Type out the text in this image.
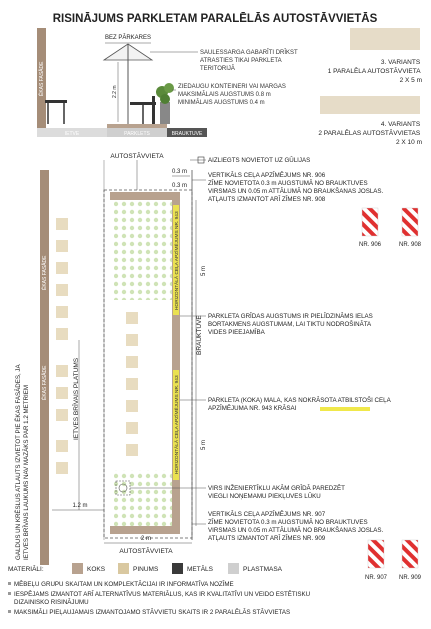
RISINĀJUMS PARKLETAM PARALĒLĀS AUTOSTĀVVIETĀS
ĒKAS FASĀDE
IETVE	PARKLETS	BRAUKTUVE
BEZ PĀRKARES
2.2 m
SAULESSARGA GABARĪTI DRĪKST ATRASTIES TIKAI PARKLETA TERITORIJĀ
ZIEDAUGU KONTEINERI VAI MARGAS MAKSIMĀLAIS AUGSTUMS 0.8 m MINIMĀLAIS AUGSTUMS 0.4 m
3. VARIANTS 1 PARALĒLA AUTOSTĀVVIETA 2 X 5 m
4. VARIANTS 2 PARALĒLAS AUTOSTĀVVIETAS 2 X 10 m
ĒKAS FASĀDE
ĒKAS FASĀDE
GALDUS UN KRĒSLUS ATLAUTS IZVIETOT PIE ĒKAS FASĀDES, JA IETVES BRĪVAIS LAUKUMS NAV MAZĀKS PAR 1.2 METRIEM	IETVES BRĪVAIS PLATUMS
1.2 m
AUTOSTĀVVIETA
HORIZONTĀLĀ CEĻA APZĪMĒJUMS NR. 943
HORIZONTĀLĀ CEĻA APZĪMĒJUMS NR. 943
BRAUKTUVE
5 m
5 m
0.3 m
0.3 m
2 m
AUTOSTĀVVIETA
AIZLIEGTS NOVIETOT UZ GŪLIJAS
VERTIKĀLS CEĻA APZĪMĒJUMS NR. 906 ZĪME NOVIETOTA 0.3 m AUGSTUMĀ NO BRAUKTUVES VIRSMAS UN 0.05 m ATTĀLUMĀ NO BRAUKŠANAS JOSLAS. ATĻAUTS IZMANTOT ARĪ ZĪMES NR. 908
PARKLETA GRĪDAS AUGSTUMS IR PIELĪDZINĀMS IELAS BORTAKMENS AUGSTUMAM, LAI TIKTU NODROŠINĀTA VIDES PIEEJAMĪBA
PARKLETA (KOKA) MALA, KAS NOKRĀSOTA ATBILSTOŠI CEĻA APZĪMĒJUMA NR. 943 KRĀSAI
VIRS INŽENIERTĪKLU AKĀM GRĪDĀ PAREDZĒT VIEGLI NOŅEMAMU PIEKĻUVES LŪKU
VERTIKĀLS CEĻA APZĪMĒJUMS NR. 907 ZĪME NOVIETOTA 0.3 m AUGSTUMĀ NO BRAUKTUVES VIRSMAS UN 0.05 m ATTĀLUMĀ NO BRAUKŠANAS JOSLAS. ATĻAUTS IZMANTOT ARĪ ZĪMES NR. 909
NR. 906	NR. 908
NR. 907 NR. 909
MATERIĀLI:	KOKS	PINUMS	METĀLS	PLASTMASA
MĒBEĻU GRUPU SKAITAM UN KOMPLEKTĀCIJAI IR INFORMATĪVA NOZĪME
IESPĒJAMS IZMANTOT ARĪ ALTERNATĪVUS MATERIĀLUS, KAS IR KVALITATĪVI UN VEIDO ESTĒTISKU DIZAINISKO RISINĀJUMU
MAKSIMĀLI PIEĻAUJAMAIS IZMANTOJAMO STĀVVIETU SKAITS IR 2 PARALĒLĀS STĀVVIETAS
